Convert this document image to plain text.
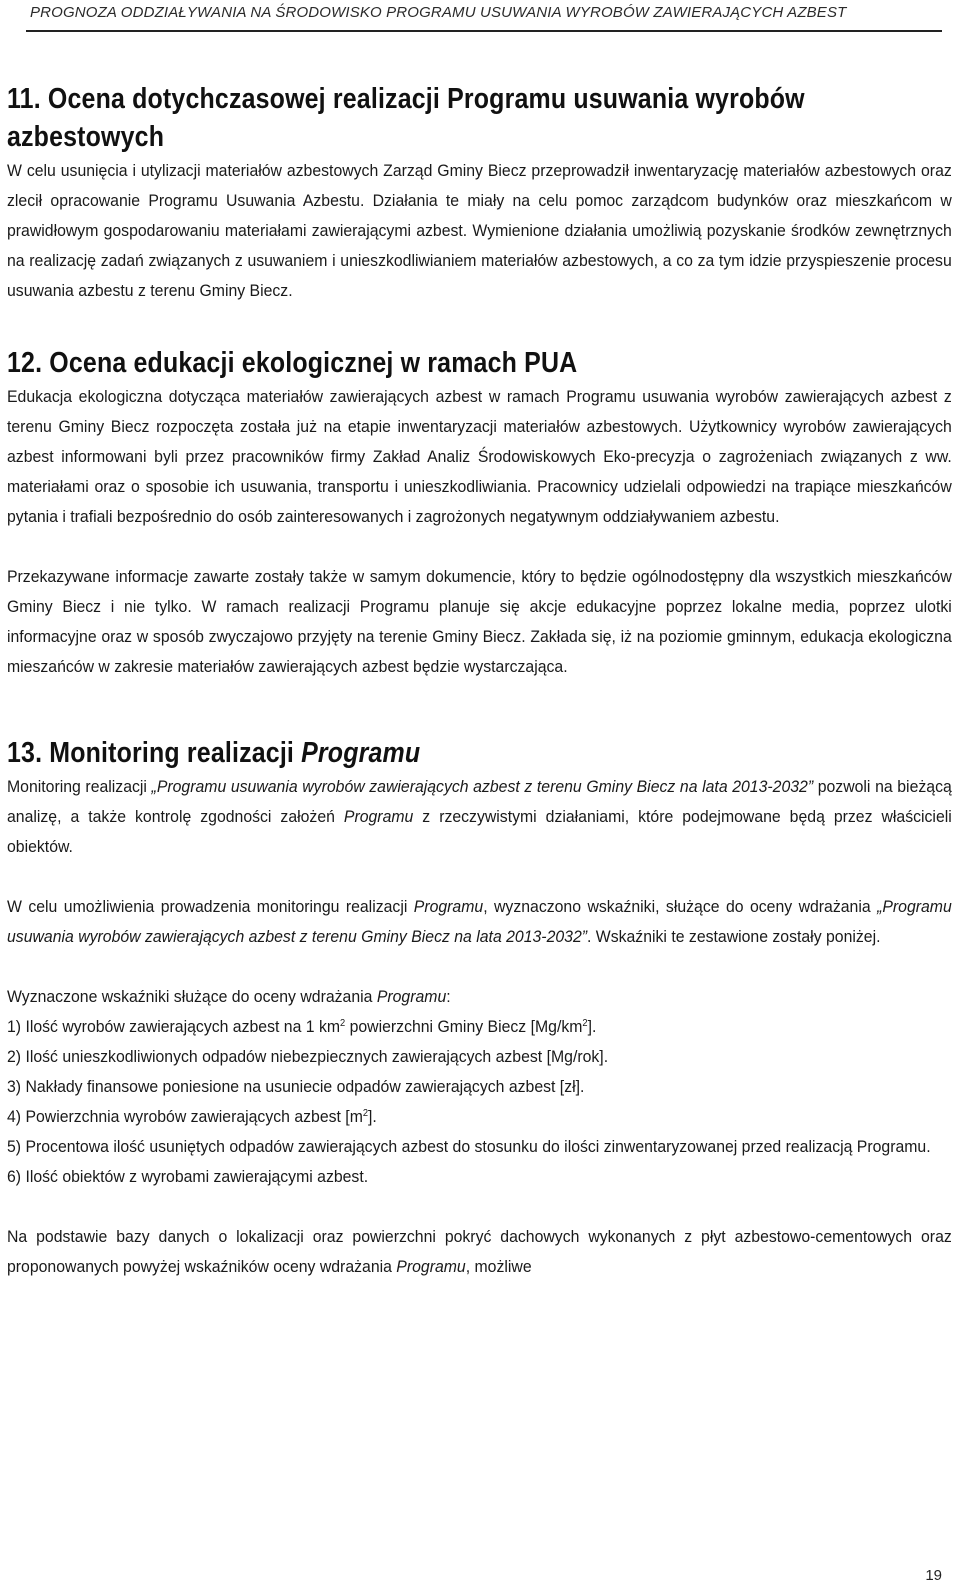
PROGNOZA ODDZIAŁYWANIA NA ŚRODOWISKO PROGRAMU USUWANIA WYROBÓW ZAWIERAJĄCYCH AZBEST
11. Ocena dotychczasowej realizacji Programu usuwania wyrobów azbestowych

W celu usunięcia i utylizacji materiałów azbestowych Zarząd Gminy Biecz przeprowadził inwentaryzację materiałów azbestowych oraz zlecił opracowanie Programu Usuwania Azbestu. Działania te miały na celu pomoc zarządcom budynków oraz mieszkańcom w prawidłowym gospodarowaniu materiałami zawierającymi azbest. Wymienione działania umożliwią pozyskanie środków zewnętrznych na realizację zadań związanych z usuwaniem i unieszkodliwianiem materiałów azbestowych, a co za tym idzie przyspieszenie procesu usuwania azbestu z terenu Gminy Biecz.

12. Ocena edukacji ekologicznej w ramach PUA

Edukacja ekologiczna dotycząca materiałów zawierających azbest w ramach Programu usuwania wyrobów zawierających azbest z terenu Gminy Biecz rozpoczęta została już na etapie inwentaryzacji materiałów azbestowych. Użytkownicy wyrobów zawierających azbest informowani byli przez pracowników firmy Zakład Analiz Środowiskowych Eko-precyzja o zagrożeniach związanych z ww. materiałami oraz o sposobie ich usuwania, transportu i unieszkodliwiania. Pracownicy udzielali odpowiedzi na trapiące mieszkańców pytania i trafiali bezpośrednio do osób zainteresowanych i zagrożonych negatywnym oddziaływaniem azbestu.

Przekazywane informacje zawarte zostały także w samym dokumencie, który to będzie ogólnodostępny dla wszystkich mieszkańców Gminy Biecz i nie tylko. W ramach realizacji Programu planuje się akcje edukacyjne poprzez lokalne media, poprzez ulotki informacyjne oraz w sposób zwyczajowo przyjęty na terenie Gminy Biecz. Zakłada się, iż na poziomie gminnym, edukacja ekologiczna mieszańców w zakresie materiałów zawierających azbest będzie wystarczająca.

13. Monitoring realizacji Programu

Monitoring realizacji „Programu usuwania wyrobów zawierających azbest z terenu Gminy Biecz na lata 2013-2032” pozwoli na bieżącą analizę, a także kontrolę zgodności założeń Programu z rzeczywistymi działaniami, które podejmowane będą przez właścicieli obiektów.

W celu umożliwienia prowadzenia monitoringu realizacji Programu, wyznaczono wskaźniki, służące do oceny wdrażania „Programu usuwania wyrobów zawierających azbest z terenu Gminy Biecz na lata 2013-2032”. Wskaźniki te zestawione zostały poniżej.

Wyznaczone wskaźniki służące do oceny wdrażania Programu:
1) Ilość wyrobów zawierających azbest na 1 $km^2$ powierzchni Gminy Biecz $[Mg/km^2]$.
2) Ilość unieszkodliwionych odpadów niebezpiecznych zawierających azbest [Mg/rok].
3) Nakłady finansowe poniesione na usuniecie odpadów zawierających azbest [zł].
4) Powierzchnia wyrobów zawierających azbest $[m^2]$.
5) Procentowa ilość usuniętych odpadów zawierających azbest do stosunku do ilości zinwentaryzowanej przed realizacją Programu.
6) Ilość obiektów z wyrobami zawierającymi azbest.

Na podstawie bazy danych o lokalizacji oraz powierzchni pokryć dachowych wykonanych z płyt azbestowo-cementowych oraz proponowanych powyżej wskaźników oceny wdrażania Programu, możliwe

19
